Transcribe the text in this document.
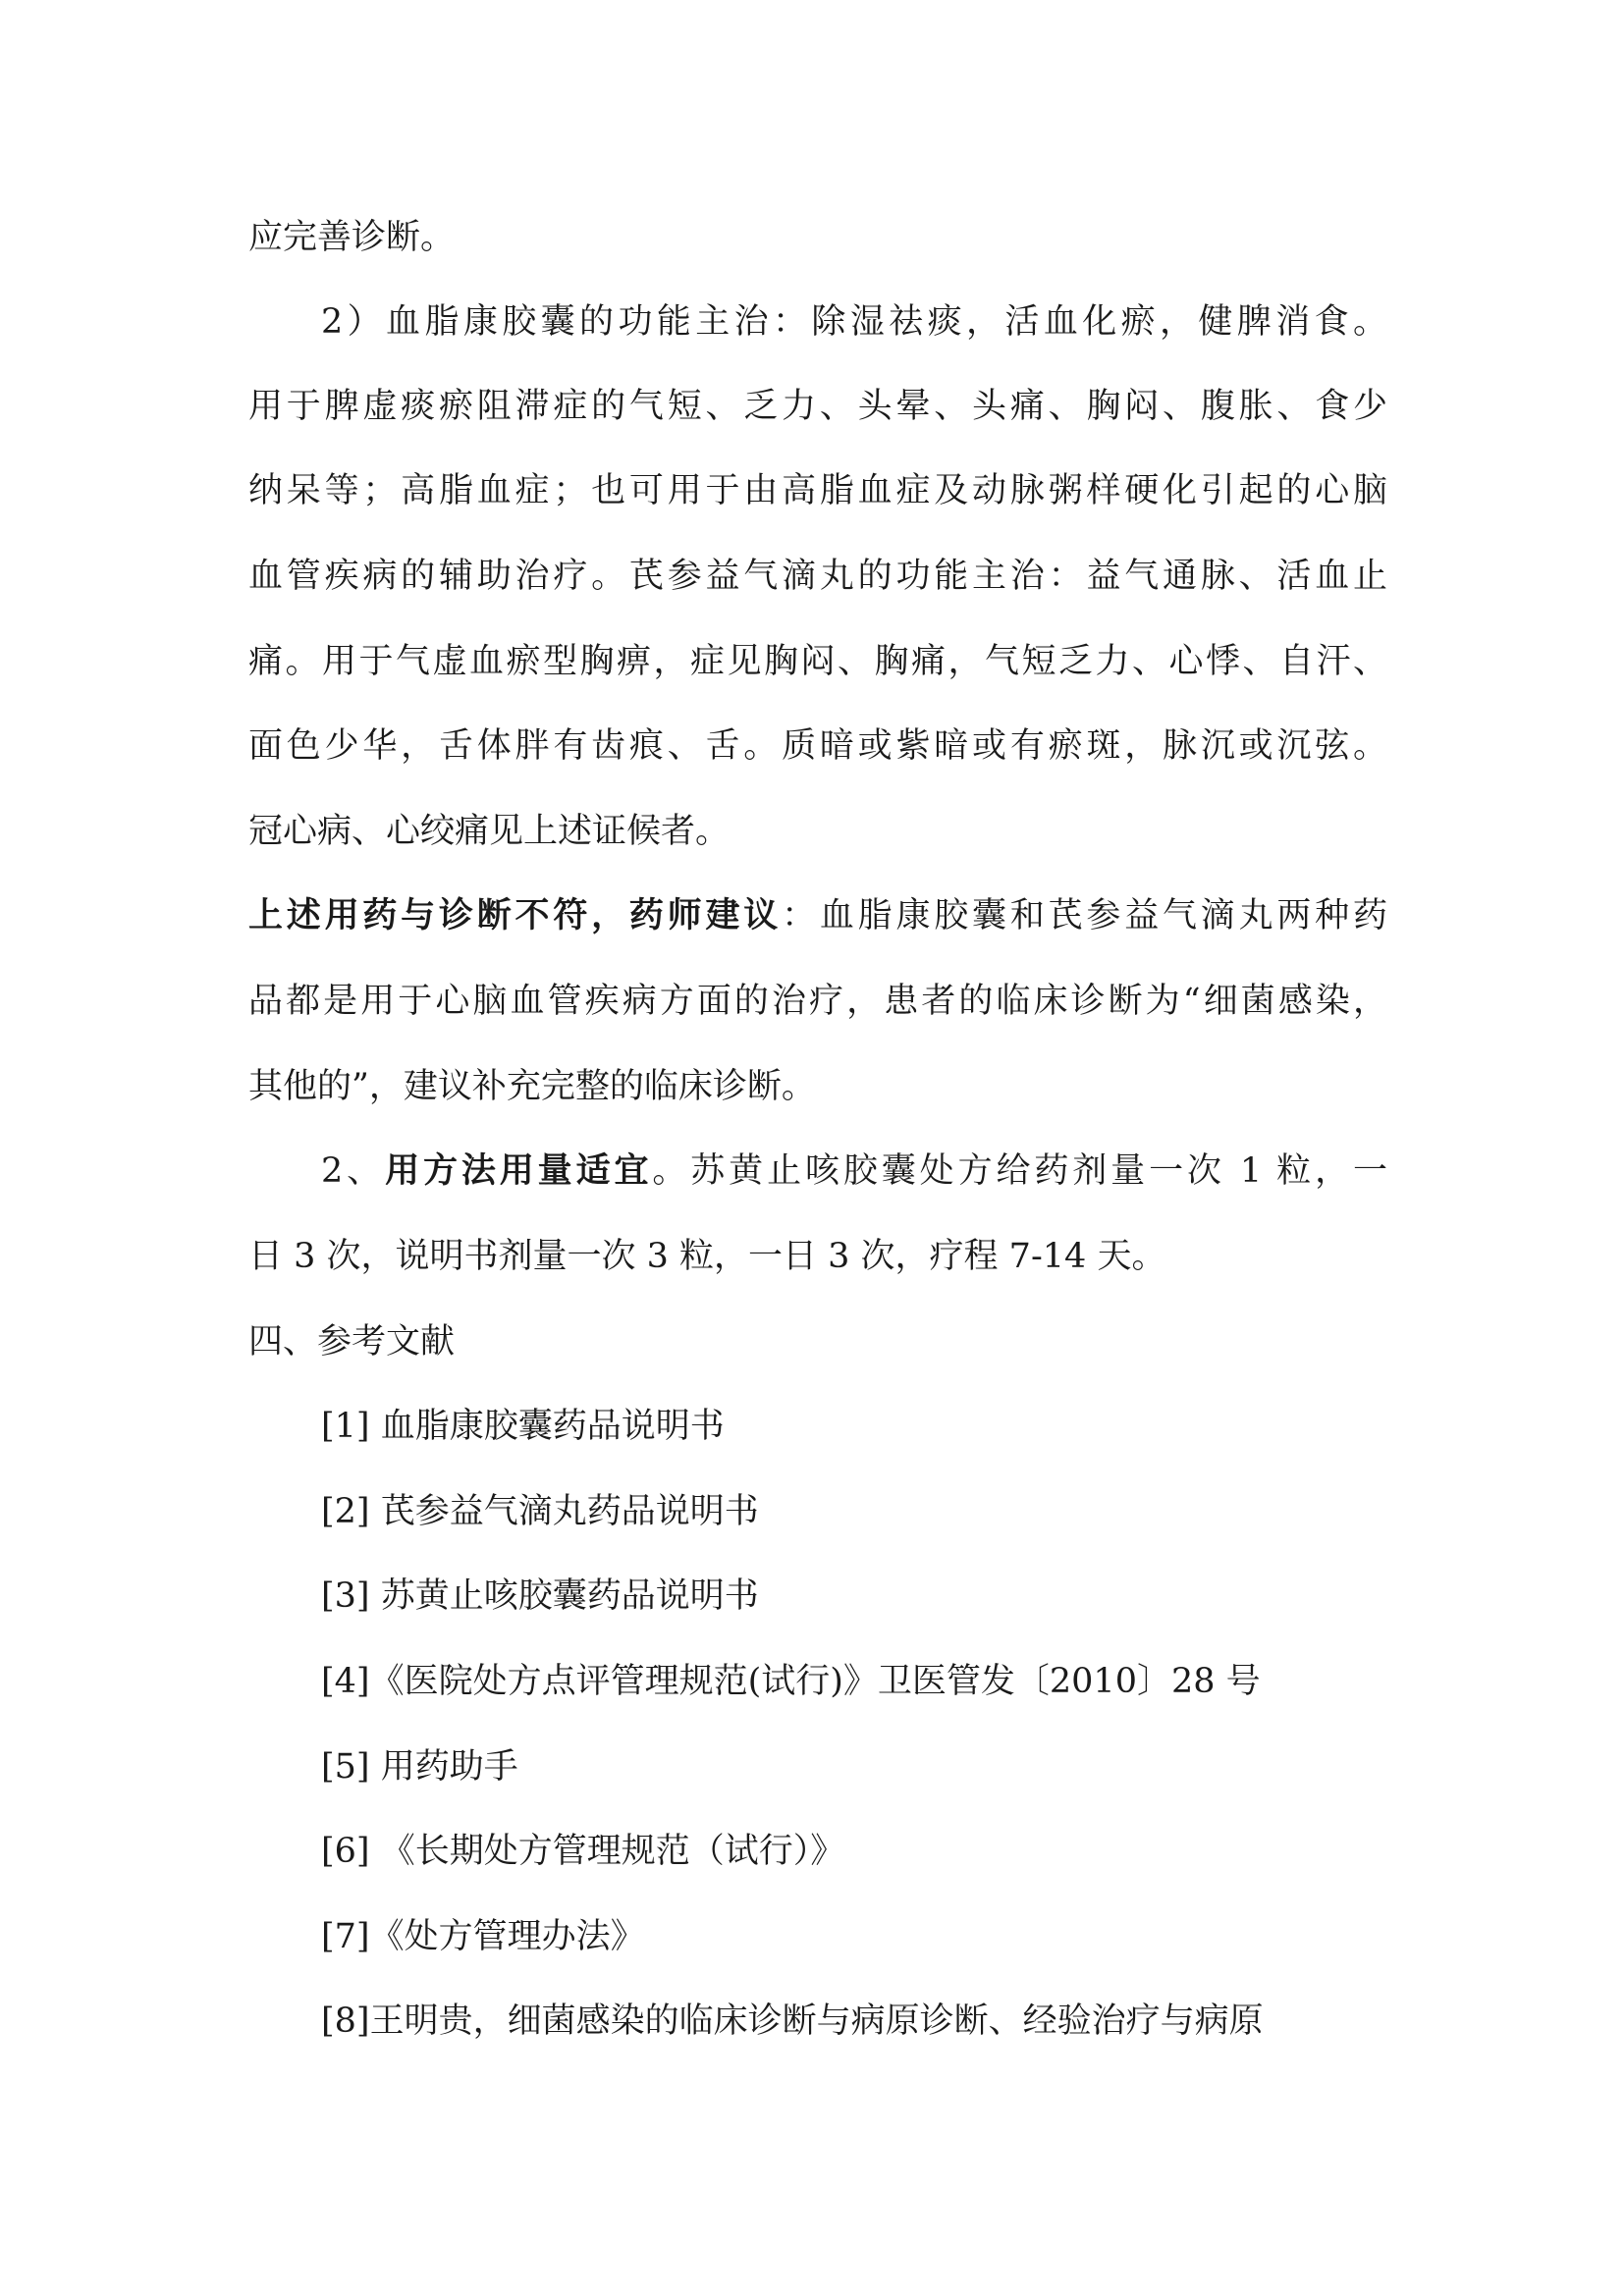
应完善诊断。
2）血脂康胶囊的功能主治：除湿祛痰，活血化瘀，健脾消食。
用于脾虚痰瘀阻滞症的气短、乏力、头晕、头痛、胸闷、腹胀、食少
纳呆等；高脂血症；也可用于由高脂血症及动脉粥样硬化引起的心脑
血管疾病的辅助治疗。芪参益气滴丸的功能主治：益气通脉、活血止
痛。用于气虚血瘀型胸痹，症见胸闷、胸痛，气短乏力、心悸、自汗、
面色少华，舌体胖有齿痕、舌。质暗或紫暗或有瘀斑，脉沉或沉弦。
冠心病、心绞痛见上述证候者。
上述用药与诊断不符，药师建议：血脂康胶囊和芪参益气滴丸两种药
品都是用于心脑血管疾病方面的治疗，患者的临床诊断为“细菌感染，
其他的”，建议补充完整的临床诊断。
2、用方法用量适宜。苏黄止咳胶囊处方给药剂量一次 1 粒，一
日 3 次，说明书剂量一次 3 粒，一日 3 次，疗程 7-14 天。
四、参考文献
[1] 血脂康胶囊药品说明书
[2] 芪参益气滴丸药品说明书
[3] 苏黄止咳胶囊药品说明书
[4]《医院处方点评管理规范(试行)》卫医管发〔2010〕28 号
[5] 用药助手
[6] 《长期处方管理规范（试行）》
[7]《处方管理办法》
[8]王明贵，细菌感染的临床诊断与病原诊断、经验治疗与病原
